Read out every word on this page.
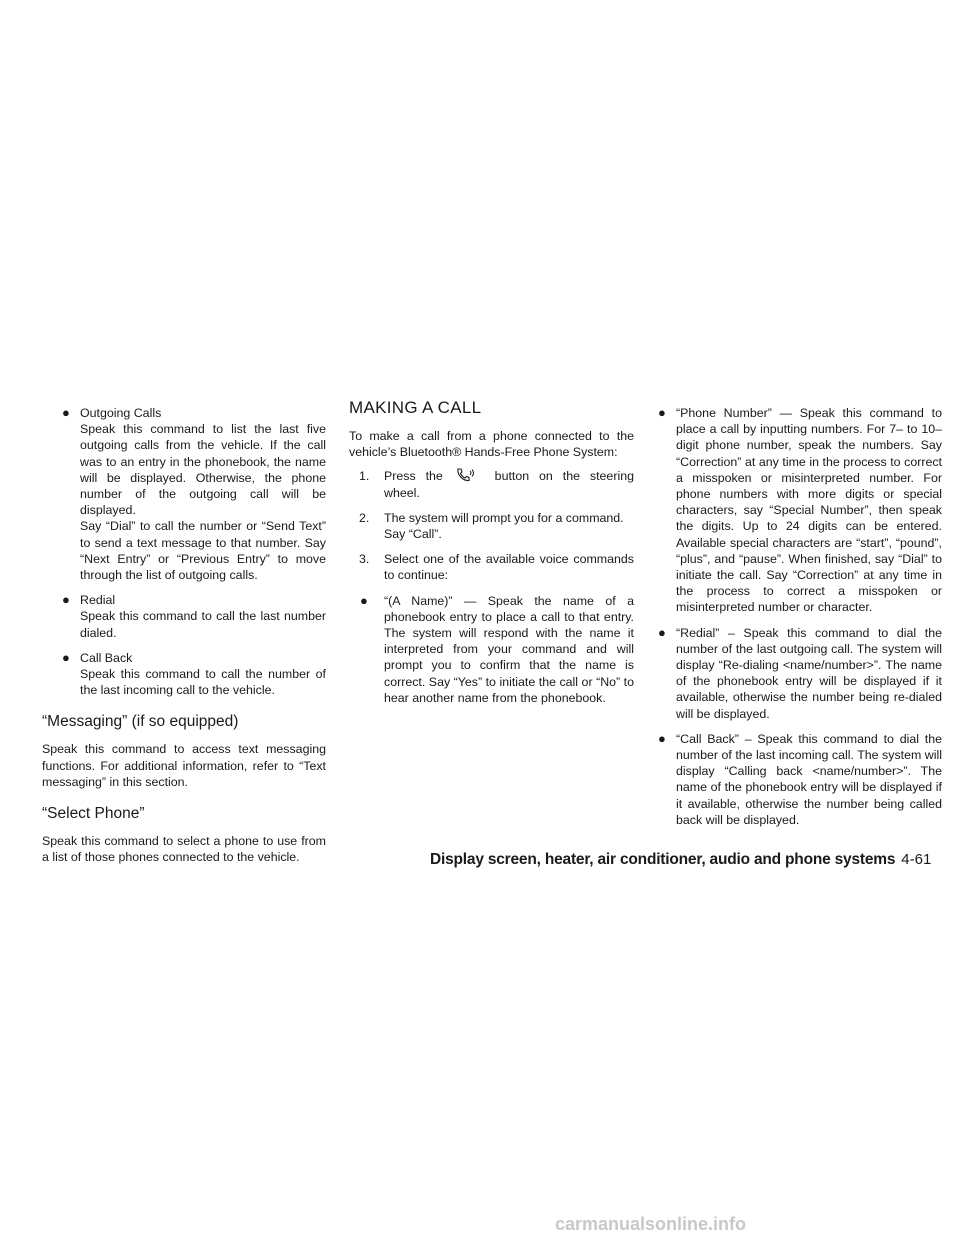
● Outgoing Calls

Speak this command to list the last five outgoing calls from the vehicle. If the call was to an entry in the phonebook, the name will be displayed. Otherwise, the phone number of the outgoing call will be displayed.

Say “Dial” to call the number or “Send Text” to send a text message to that number. Say “Next Entry” or “Previous Entry” to move through the list of outgoing calls.

● Redial

Speak this command to call the last number dialed.

● Call Back

Speak this command to call the number of the last incoming call to the vehicle.

“Messaging” (if so equipped)

Speak this command to access text messaging functions. For additional information, refer to “Text messaging” in this section.

“Select Phone”

Speak this command to select a phone to use from a list of those phones connected to the vehicle.

MAKING A CALL

To make a call from a phone connected to the vehicle’s Bluetooth® Hands-Free Phone System:

1. Press the	button on the steering wheel.

2. The system will prompt you for a command. Say “Call”.

3. Select one of the available voice commands to continue:

● “(A Name)” — Speak the name of a phonebook entry to place a call to that entry. The system will respond with the name it interpreted from your command and will prompt you to confirm that the name is correct. Say “Yes” to initiate the call or “No” to hear another name from the phonebook.

● “Phone Number” — Speak this command to place a call by inputting numbers. For 7– to 10–digit phone number, speak the numbers. Say “Correction” at any time in the process to correct a misspoken or misinterpreted number. For phone numbers with more digits or special characters, say “Special Number”, then speak the digits. Up to 24 digits can be entered. Available special characters are “start”, “pound”, “plus”, and “pause”. When finished, say “Dial” to initiate the call. Say “Correction” at any time in the process to correct a misspoken or misinterpreted number or character.

● “Redial” – Speak this command to dial the number of the last outgoing call. The system will display “Re-dialing <name/number>”. The name of the phonebook entry will be displayed if it available, otherwise the number being re-dialed will be displayed.

● “Call Back” – Speak this command to dial the number of the last incoming call. The system will display “Calling back <name/number>”. The name of the phonebook entry will be displayed if it available, otherwise the number being called back will be displayed.

Display screen, heater, air conditioner, audio and phone systems 4-61
carmanualsonline.info
